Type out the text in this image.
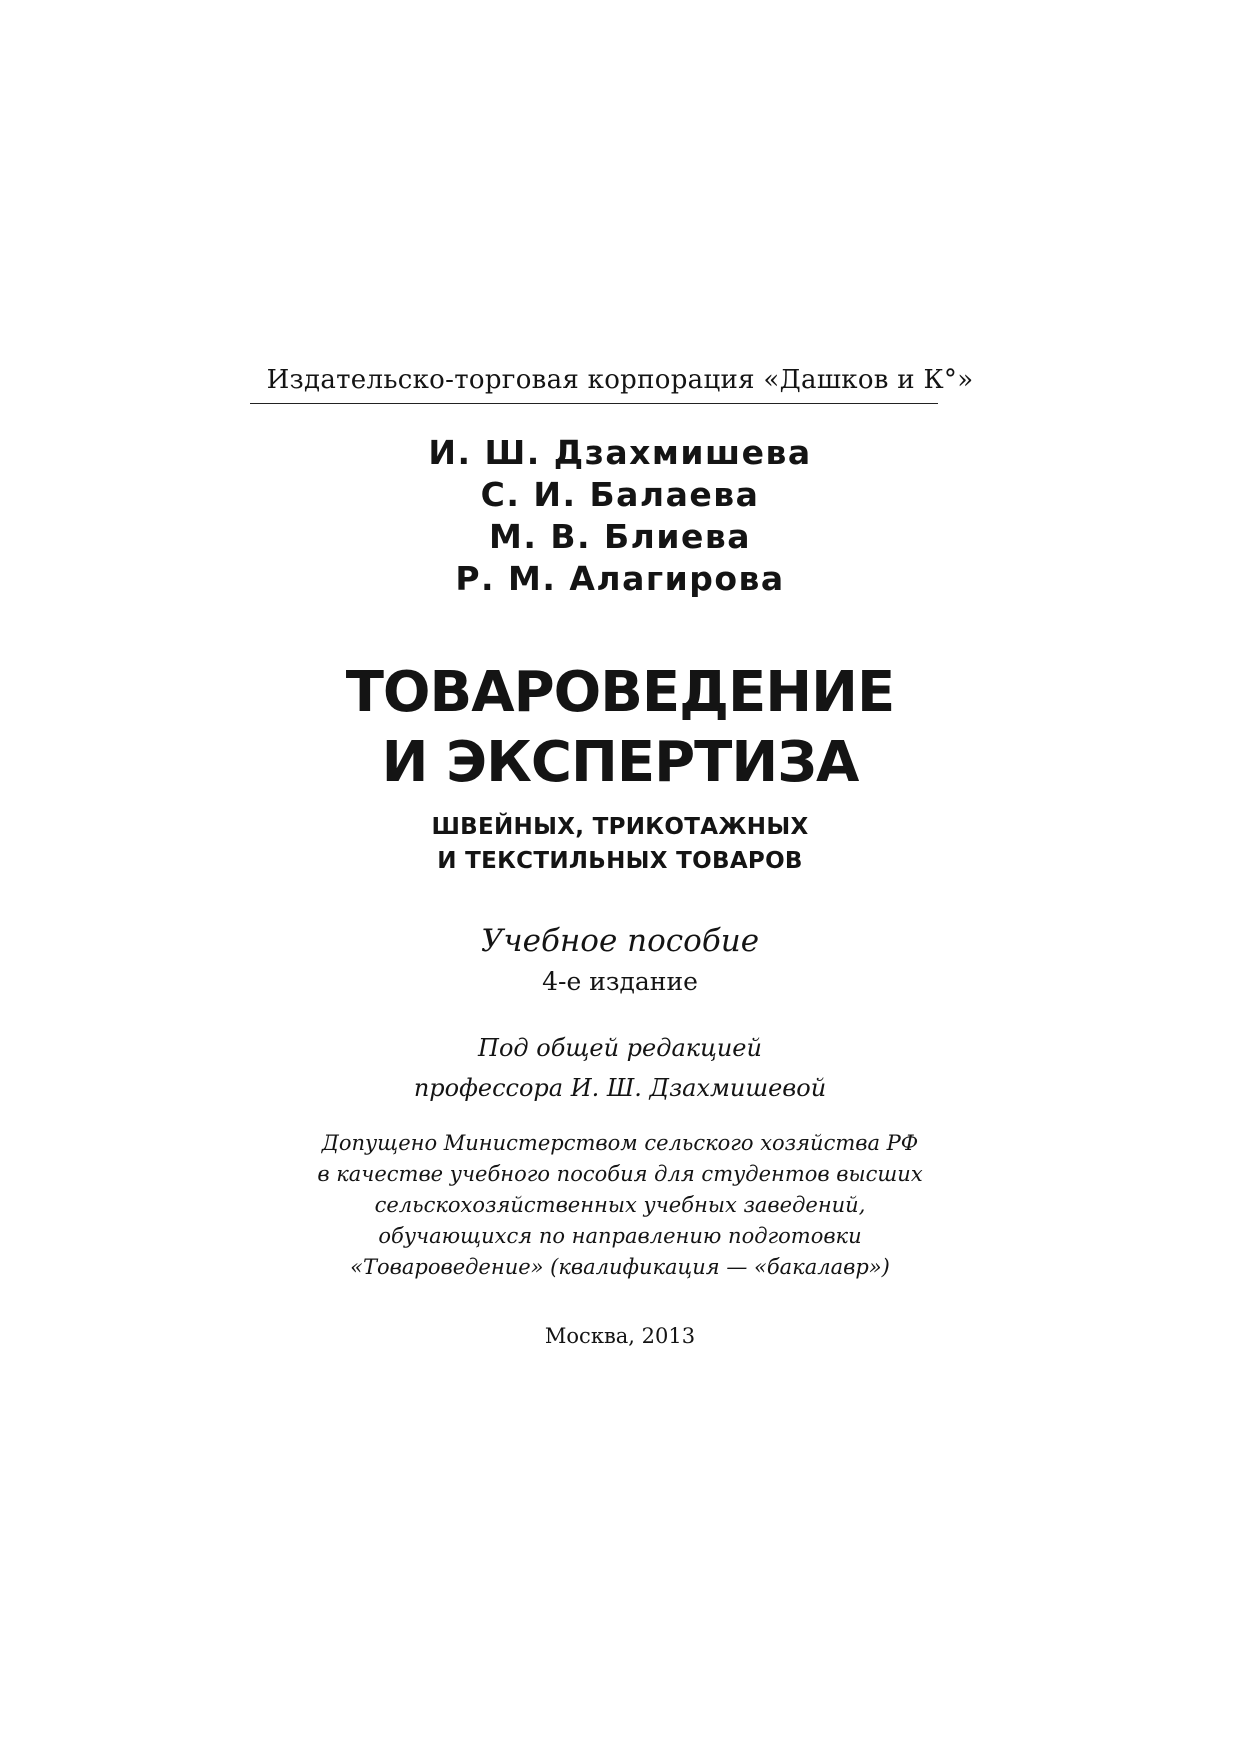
Издательско-торговая корпорация «Дашков и К°»
И. Ш. Дзахмишева
С. И. Балаева
М. В. Блиева
Р. М. Алагирова
ТОВАРОВЕДЕНИЕ
И ЭКСПЕРТИЗА
ШВЕЙНЫХ, ТРИКОТАЖНЫХ
И ТЕКСТИЛЬНЫХ ТОВАРОВ
Учебное пособие
4-е издание
Под общей редакцией
профессора И. Ш. Дзахмишевой
Допущено Министерством сельского хозяйства РФ
в качестве учебного пособия для студентов высших
сельскохозяйственных учебных заведений,
обучающихся по направлению подготовки
«Товароведение» (квалификация — «бакалавр»)
Москва, 2013
